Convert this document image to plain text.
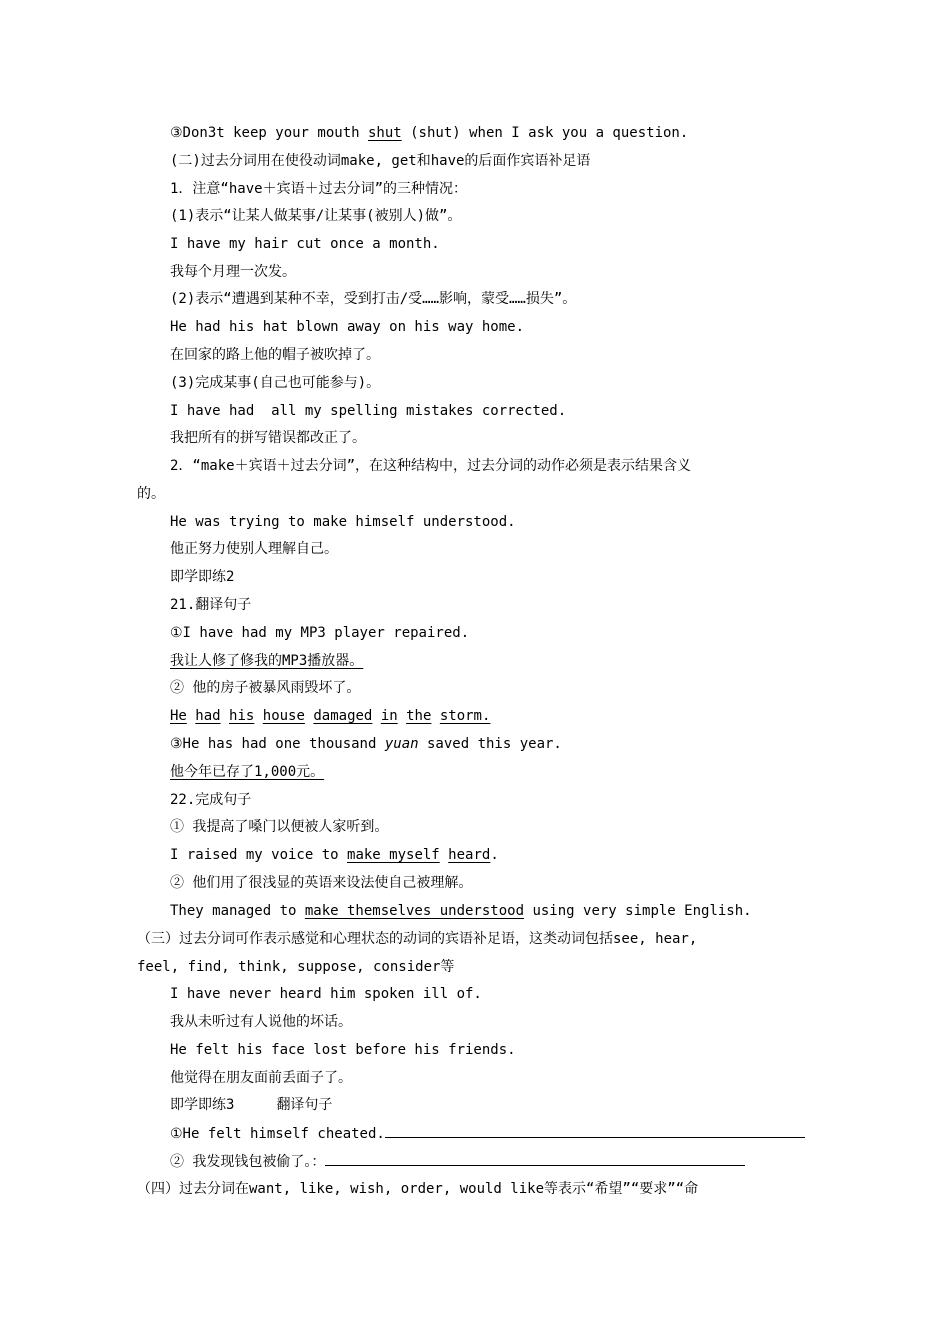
③Don3t keep your mouth shut (shut) when I ask you a question.
(二)过去分词用在使役动词make, get和have的后面作宾语补足语
1．注意“have＋宾语＋过去分词”的三种情况：
(1)表示“让某人做某事/让某事(被别人)做”。
I have my hair cut once a month.
我每个月理一次发。
(2)表示“遭遇到某种不幸，受到打击/受……影响，蒙受……损失”。
He had his hat blown away on his way home.
在回家的路上他的帽子被吹掉了。
(3)完成某事(自己也可能参与)。
I have had  all my spelling mistakes corrected.
我把所有的拼写错误都改正了。
2．“make＋宾语＋过去分词”，在这种结构中，过去分词的动作必须是表示结果含义
的。
He was trying to make himself understood.
他正努力使别人理解自己。
即学即练2
21.翻译句子
①I have had my MP3 player repaired.
我让人修了修我的MP3播放器。
② 他的房子被暴风雨毁坏了。
He had his house damaged in the storm.
③He has had one thousand yuan saved this year.
他今年已存了1,000元。
22.完成句子
① 我提高了嗓门以便被人家听到。
I raised my voice to make myself heard.
② 他们用了很浅显的英语来设法使自己被理解。
They managed to make themselves understood using very simple English.
（三）过去分词可作表示感觉和心理状态的动词的宾语补足语，这类动词包括see, hear,
feel, find, think, suppose, consider等
I have never heard him spoken ill of.
我从未听过有人说他的坏话。
He felt his face lost before his friends.
他觉得在朋友面前丢面子了。
即学即练3	翻译句子
①He felt himself cheated.
② 我发现钱包被偷了。：
（四）过去分词在want, like, wish, order, would like等表示“希望”“要求”“命
